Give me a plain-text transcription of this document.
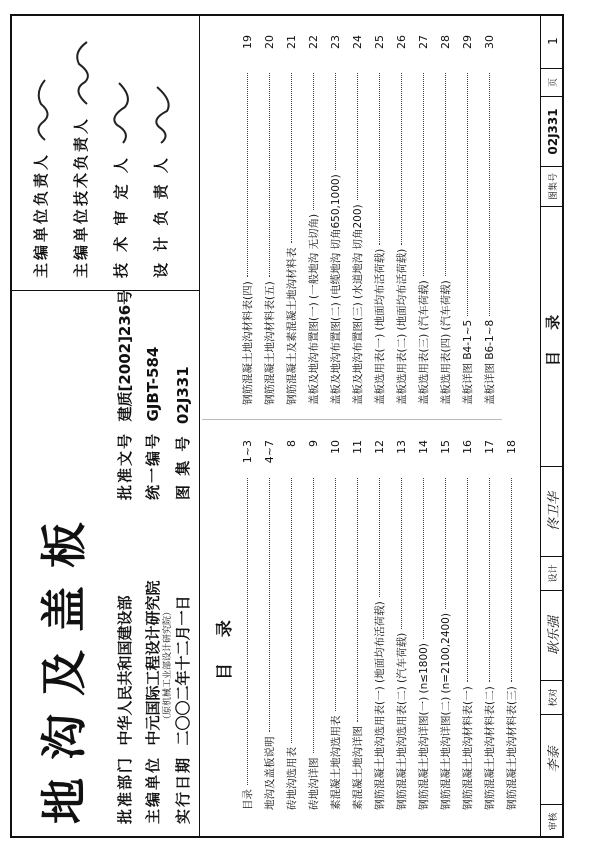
地沟及盖板 批准部门  中华人民共和国建设部
主编单位  中元国际工程设计研究院 （原机械工业部设计研究院）
实行日期  二〇〇二年十二月一日
批准文号  建质[2002]236号
统一编号  GJBT-584
图 集 号  02J331
主编单位负责人 主编单位技术负责人 技 术 审 定 人 设 计 负 责 人
目 录
目录
1~3
地沟及盖板说明
4~7
砖地沟选用表
8
砖地沟详图
9
素混凝土地沟选用表
10
素混凝土地沟详图
11
钢筋混凝土地沟选用表(一) (地面均布活荷载)
12
钢筋混凝土地沟选用表(二) (汽车荷载)
13
钢筋混凝土地沟详图(一) (n≤1800)
14
钢筋混凝土地沟详图(二) (n=2100,2400)
15
钢筋混凝土地沟材料表(一)
16
钢筋混凝土地沟材料表(二)
17
钢筋混凝土地沟材料表(三)
18
钢筋混凝土地沟材料表(四)
19
钢筋混凝土地沟材料表(五)
20
钢筋混凝土及素混凝土地沟材料表
21
盖板及地沟布置图(一) (一般地沟 无切角)
22
盖板及地沟布置图(二) (电缆地沟 切角650,1000)
23
盖板及地沟布置图(三) (水道地沟 切角200)
24
盖板选用表(一) (地面均布活荷载)
25
盖板选用表(二) (地面均布活荷载)
26
盖板选用表(三) (汽车荷载)
27
盖板选用表(四) (汽车荷载)
28
盖板详图 B4-1~5
29
盖板详图 B6-1~8
30
审核
李泰
校对
耿乐强
设计
佟卫华
目 录
图集号
02J331
页
1
